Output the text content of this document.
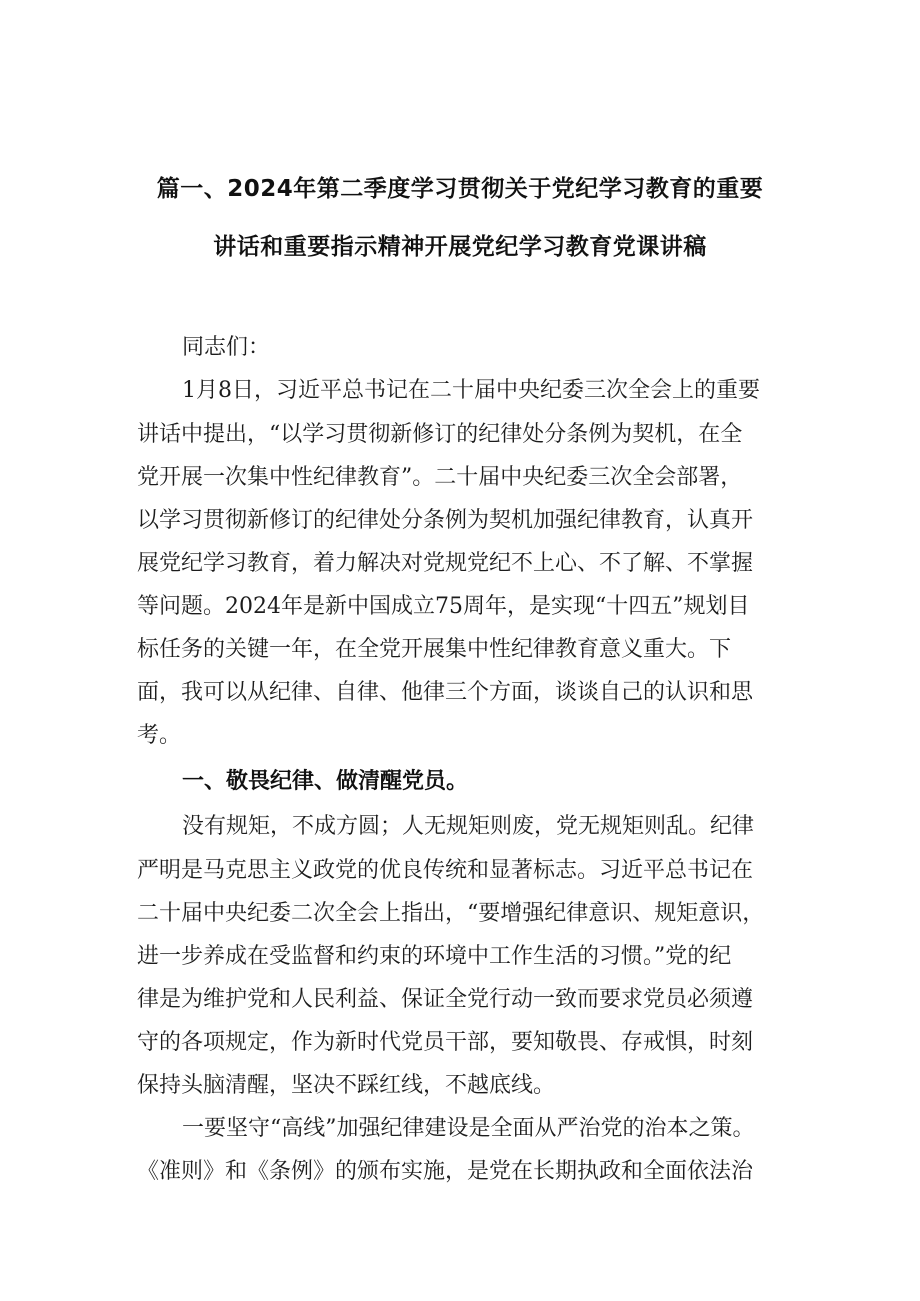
篇一、2024年第二季度学习贯彻关于党纪学习教育的重要
讲话和重要指示精神开展党纪学习教育党课讲稿
同志们：
1月8日，习近平总书记在二十届中央纪委三次全会上的重要
讲话中提出，“以学习贯彻新修订的纪律处分条例为契机，在全
党开展一次集中性纪律教育”。二十届中央纪委三次全会部署，
以学习贯彻新修订的纪律处分条例为契机加强纪律教育，认真开
展党纪学习教育，着力解决对党规党纪不上心、不了解、不掌握
等问题。2024年是新中国成立75周年，是实现“十四五”规划目
标任务的关键一年，在全党开展集中性纪律教育意义重大。下
面，我可以从纪律、自律、他律三个方面，谈谈自己的认识和思
考。
一、敬畏纪律、做清醒党员。
没有规矩，不成方圆；人无规矩则废，党无规矩则乱。纪律
严明是马克思主义政党的优良传统和显著标志。习近平总书记在
二十届中央纪委二次全会上指出，“要增强纪律意识、规矩意识，
进一步养成在受监督和约束的环境中工作生活的习惯。”党的纪
律是为维护党和人民利益、保证全党行动一致而要求党员必须遵
守的各项规定，作为新时代党员干部，要知敬畏、存戒惧，时刻
保持头脑清醒，坚决不踩红线，不越底线。
一要坚守“高线”加强纪律建设是全面从严治党的治本之策。
《准则》和《条例》的颁布实施，是党在长期执政和全面依法治
